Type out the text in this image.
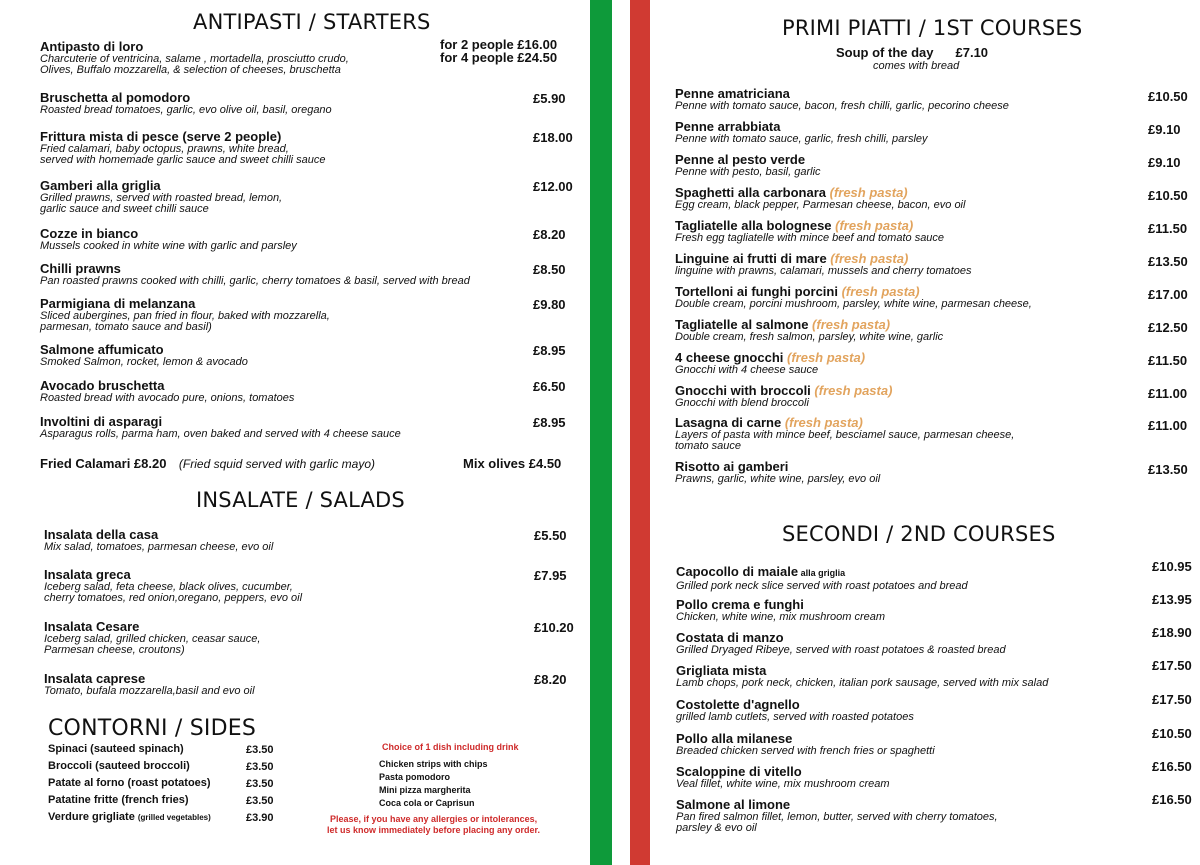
ANTIPASTI / STARTERS
Antipasto di loro
Charcuterie of ventricina, salame , mortadella, prosciutto crudo,
Olives, Buffalo mozzarella, & selection of cheeses, bruschetta
for 2 people £16.00
for 4 people £24.50
Bruschetta al pomodoro
Roasted bread tomatoes, garlic, evo olive oil, basil, oregano
£5.90
Frittura mista di pesce (serve 2 people)
Fried calamari, baby octopus, prawns, white bread,
served with homemade garlic sauce and sweet chilli sauce
£18.00
Gamberi alla griglia
Grilled prawns, served with roasted bread, lemon,
garlic sauce and sweet chilli sauce
£12.00
Cozze in bianco
Mussels cooked in white wine with garlic and parsley
£8.20
Chilli prawns
Pan roasted prawns cooked with chilli, garlic, cherry tomatoes & basil, served with bread
£8.50
Parmigiana di melanzana
Sliced aubergines, pan fried in flour, baked with mozzarella,
parmesan, tomato sauce and basil)
£9.80
Salmone affumicato
Smoked Salmon, rocket, lemon & avocado
£8.95
Avocado bruschetta
Roasted bread with avocado pure, onions, tomatoes
£6.50
Involtini di asparagi
Asparagus rolls, parma ham, oven baked and served with 4 cheese sauce
£8.95
Fried Calamari £8.20 (Fried squid served with garlic mayo)	Mix olives £4.50
INSALATE / SALADS
Insalata della casa
Mix salad, tomatoes, parmesan cheese, evo oil
£5.50
Insalata greca
Iceberg salad, feta cheese, black olives, cucumber,
cherry tomatoes, red onion,oregano, peppers, evo oil
£7.95
Insalata Cesare
Iceberg salad, grilled chicken, ceasar sauce,
Parmesan cheese, croutons)
£10.20
Insalata caprese
Tomato, bufala mozzarella,basil and evo oil
£8.20
CONTORNI / SIDES
Spinaci (sauteed spinach)	£3.50
Broccoli (sauteed broccoli)	£3.50
Patate al forno (roast potatoes)	£3.50
Patatine fritte (french fries)	£3.50
Verdure grigliate (grilled vegetables)	£3.90
Choice of 1 dish including drink
Chicken strips with chips
Pasta pomodoro
Mini pizza margherita
Coca cola or Caprisun
Please, if you have any allergies or intolerances,
let us know immediately before placing any order.
PRIMI PIATTI / 1ST COURSES
Soup of the day £7.10
comes with bread
Penne amatriciana
Penne with tomato sauce, bacon, fresh chilli, garlic, pecorino cheese
£10.50
Penne arrabbiata
Penne with tomato sauce, garlic, fresh chilli, parsley
£9.10
Penne al pesto verde
Penne with pesto, basil, garlic
£9.10
Spaghetti alla carbonara (fresh pasta)
Egg cream, black pepper, Parmesan cheese, bacon, evo oil
£10.50
Tagliatelle alla bolognese (fresh pasta)
Fresh egg tagliatelle with mince beef and tomato sauce
£11.50
Linguine ai frutti di mare (fresh pasta)
linguine with prawns, calamari, mussels and cherry tomatoes
£13.50
Tortelloni ai funghi porcini (fresh pasta)
Double cream, porcini mushroom, parsley, white wine, parmesan cheese,
£17.00
Tagliatelle al salmone (fresh pasta)
Double cream, fresh salmon, parsley, white wine, garlic
£12.50
4 cheese gnocchi (fresh pasta)
Gnocchi with 4 cheese sauce
£11.50
Gnocchi with broccoli (fresh pasta)
Gnocchi with blend broccoli
£11.00
Lasagna di carne (fresh pasta)
Layers of pasta with mince beef, besciamel sauce, parmesan cheese,
tomato sauce
£11.00
Risotto ai gamberi
Prawns, garlic, white wine, parsley, evo oil
£13.50
SECONDI / 2ND COURSES
Capocollo di maiale alla griglia
Grilled pork neck slice served with roast potatoes and bread
£10.95
Pollo crema e funghi
Chicken, white wine, mix mushroom cream
£13.95
Costata di manzo
Grilled Dryaged Ribeye, served with roast potatoes & roasted bread
£18.90
Grigliata mista
Lamb chops, pork neck, chicken, italian pork sausage, served with mix salad
£17.50
Costolette d'agnello
grilled lamb cutlets, served with roasted potatoes
£17.50
Pollo alla milanese
Breaded chicken served with french fries or spaghetti
£10.50
Scaloppine di vitello
Veal fillet, white wine, mix mushroom cream
£16.50
Salmone al limone
Pan fired salmon fillet, lemon, butter, served with cherry tomatoes,
parsley & evo oil
£16.50
